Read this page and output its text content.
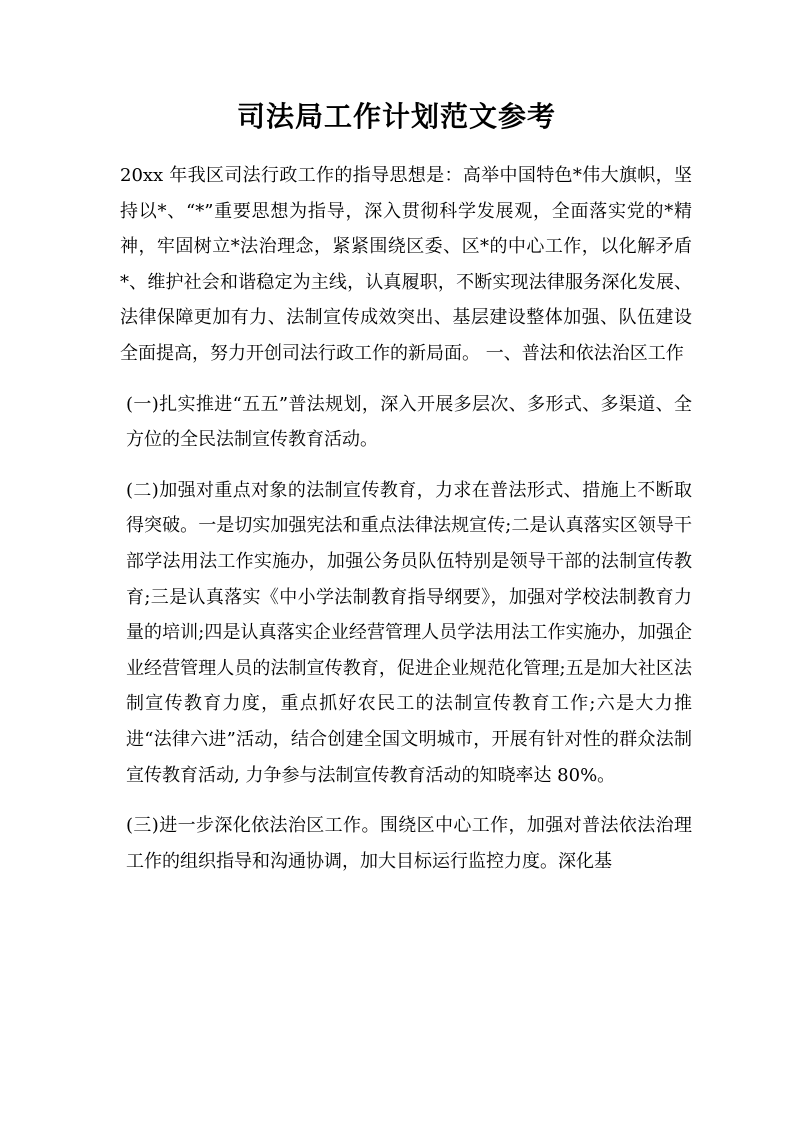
司法局工作计划范文参考

20xx 年我区司法行政工作的指导思想是：高举中国特色*伟大旗帜，坚持以*、“*”重要思想为指导，深入贯彻科学发展观，全面落实党的*精神，牢固树立*法治理念，紧紧围绕区委、区*的中心工作，以化解矛盾*、维护社会和谐稳定为主线，认真履职，不断实现法律服务深化发展、法律保障更加有力、法制宣传成效突出、基层建设整体加强、队伍建设全面提高，努力开创司法行政工作的新局面。 一、普法和依法治区工作

(一)扎实推进“五五”普法规划，深入开展多层次、多形式、多渠道、全方位的全民法制宣传教育活动。

(二)加强对重点对象的法制宣传教育，力求在普法形式、措施上不断取得突破。一是切实加强宪法和重点法律法规宣传;二是认真落实区领导干部学法用法工作实施办，加强公务员队伍特别是领导干部的法制宣传教育;三是认真落实《中小学法制教育指导纲要》，加强对学校法制教育力量的培训;四是认真落实企业经营管理人员学法用法工作实施办，加强企业经营管理人员的法制宣传教育，促进企业规范化管理;五是加大社区法制宣传教育力度，重点抓好农民工的法制宣传教育工作;六是大力推进“法律六进”活动，结合创建全国文明城市，开展有针对性的群众法制宣传教育活动, 力争参与法制宣传教育活动的知晓率达 80%。

(三)进一步深化依法治区工作。围绕区中心工作，加强对普法依法治理工作的组织指导和沟通协调，加大目标运行监控力度。深化基
